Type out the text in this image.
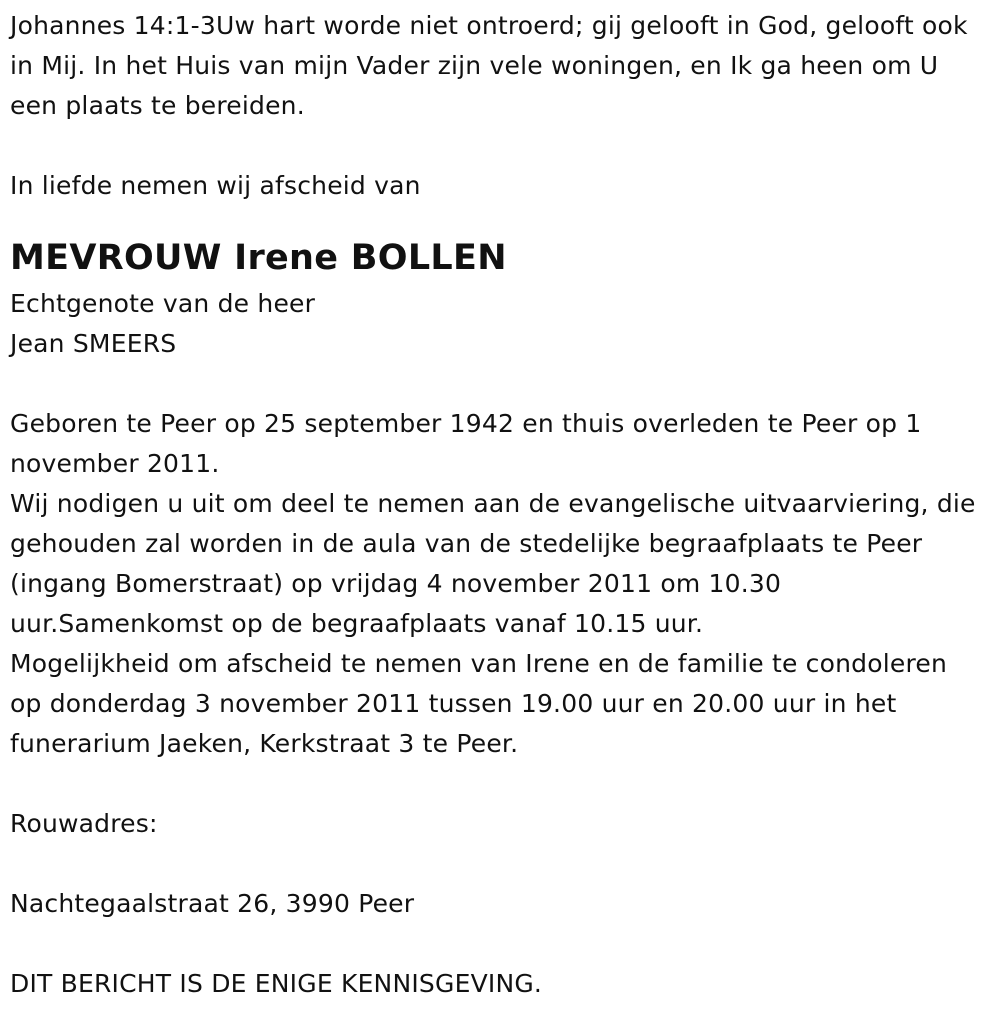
Johannes 14:1-3Uw hart worde niet ontroerd; gij gelooft in God, gelooft ook in Mij. In het Huis van mijn Vader zijn vele woningen, en Ik ga heen om U een plaats te bereiden.

In liefde nemen wij afscheid van

MEVROUW Irene BOLLEN

Echtgenote van de heer

Jean SMEERS

Geboren te Peer op 25 september 1942 en thuis overleden te Peer op 1 november 2011.

Wij nodigen u uit om deel te nemen aan de evangelische uitvaarviering, die gehouden zal worden in de aula van de stedelijke begraafplaats te Peer (ingang Bomerstraat) op vrijdag 4 november 2011 om 10.30 uur.Samenkomst op de begraafplaats vanaf 10.15 uur.

Mogelijkheid om afscheid te nemen van Irene en de familie te condoleren op donderdag 3 november 2011 tussen 19.00 uur en 20.00 uur in het funerarium Jaeken, Kerkstraat 3 te Peer.

Rouwadres:

Nachtegaalstraat 26, 3990 Peer

DIT BERICHT IS DE ENIGE KENNISGEVING.
